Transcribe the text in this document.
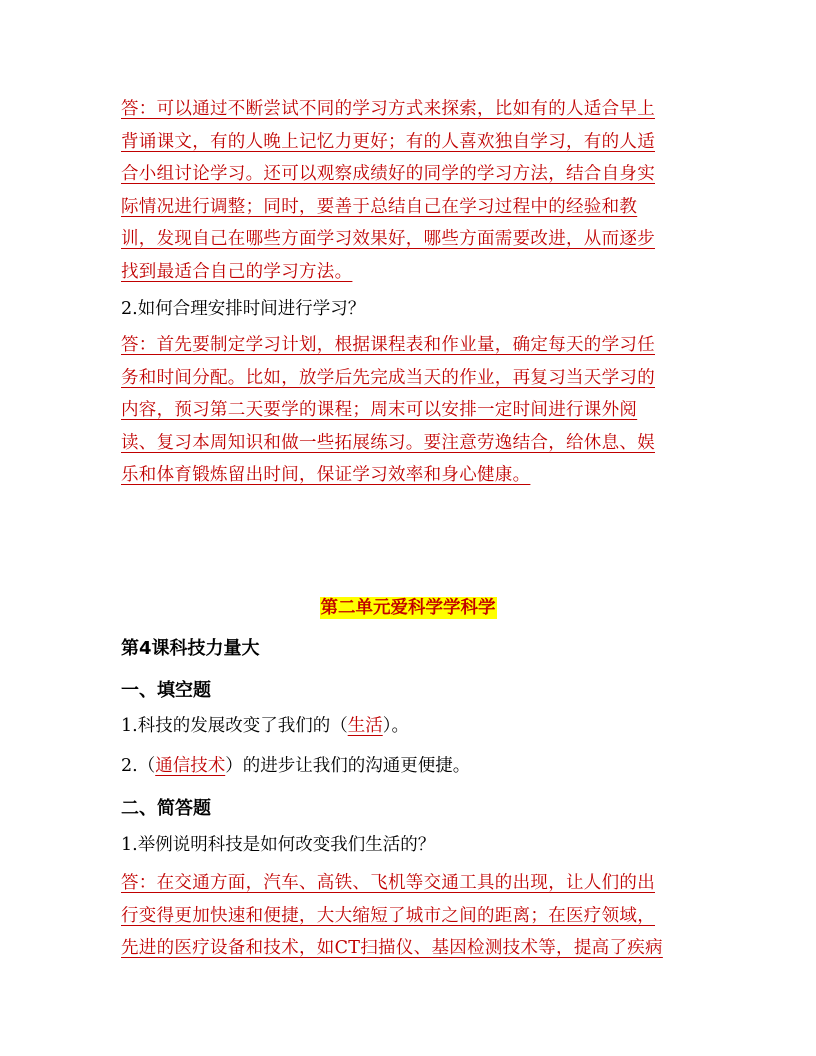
答：可以通过不断尝试不同的学习方式来探索，比如有的人适合早上
背诵课文，有的人晚上记忆力更好；有的人喜欢独自学习，有的人适
合小组讨论学习。还可以观察成绩好的同学的学习方法，结合自身实
际情况进行调整；同时，要善于总结自己在学习过程中的经验和教
训，发现自己在哪些方面学习效果好，哪些方面需要改进，从而逐步
找到最适合自己的学习方法。
2.如何合理安排时间进行学习？
答：首先要制定学习计划，根据课程表和作业量，确定每天的学习任
务和时间分配。比如，放学后先完成当天的作业，再复习当天学习的
内容，预习第二天要学的课程；周末可以安排一定时间进行课外阅
读、复习本周知识和做一些拓展练习。要注意劳逸结合，给休息、娱
乐和体育锻炼留出时间，保证学习效率和身心健康。
第二单元爱科学学科学
第4课科技力量大
一、填空题
1.科技的发展改变了我们的（生活）。
2.（通信技术）的进步让我们的沟通更便捷。
二、简答题
1.举例说明科技是如何改变我们生活的？
答：在交通方面，汽车、高铁、飞机等交通工具的出现，让人们的出
行变得更加快速和便捷，大大缩短了城市之间的距离；在医疗领域，
先进的医疗设备和技术，如CT扫描仪、基因检测技术等，提高了疾病
